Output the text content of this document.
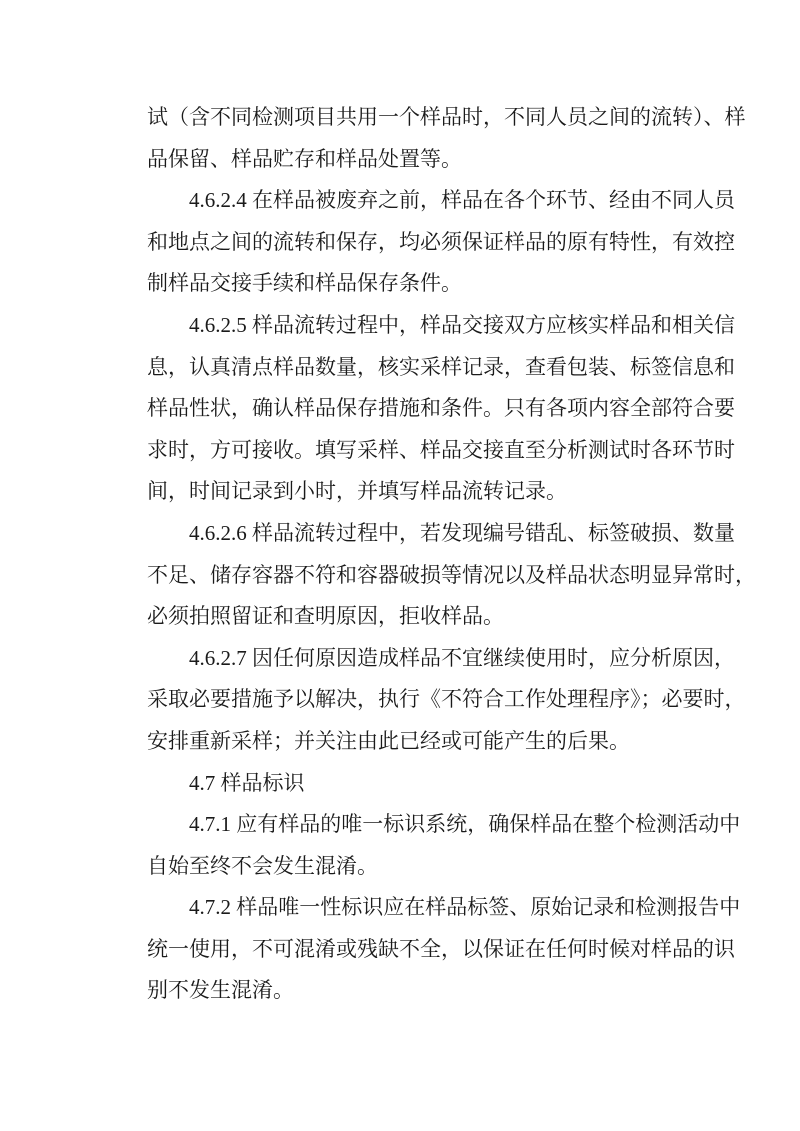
试（含不同检测项目共用一个样品时，不同人员之间的流转）、样
品保留、样品贮存和样品处置等。
4.6.2.4 在样品被废弃之前，样品在各个环节、经由不同人员
和地点之间的流转和保存，均必须保证样品的原有特性，有效控
制样品交接手续和样品保存条件。
4.6.2.5 样品流转过程中，样品交接双方应核实样品和相关信
息，认真清点样品数量，核实采样记录，查看包装、标签信息和
样品性状，确认样品保存措施和条件。只有各项内容全部符合要
求时，方可接收。填写采样、样品交接直至分析测试时各环节时
间，时间记录到小时，并填写样品流转记录。
4.6.2.6 样品流转过程中，若发现编号错乱、标签破损、数量
不足、储存容器不符和容器破损等情况以及样品状态明显异常时，
必须拍照留证和查明原因，拒收样品。
4.6.2.7 因任何原因造成样品不宜继续使用时，应分析原因，
采取必要措施予以解决，执行《不符合工作处理程序》；必要时，
安排重新采样；并关注由此已经或可能产生的后果。
4.7 样品标识
4.7.1 应有样品的唯一标识系统，确保样品在整个检测活动中
自始至终不会发生混淆。
4.7.2 样品唯一性标识应在样品标签、原始记录和检测报告中
统一使用，不可混淆或残缺不全，以保证在任何时候对样品的识
别不发生混淆。
